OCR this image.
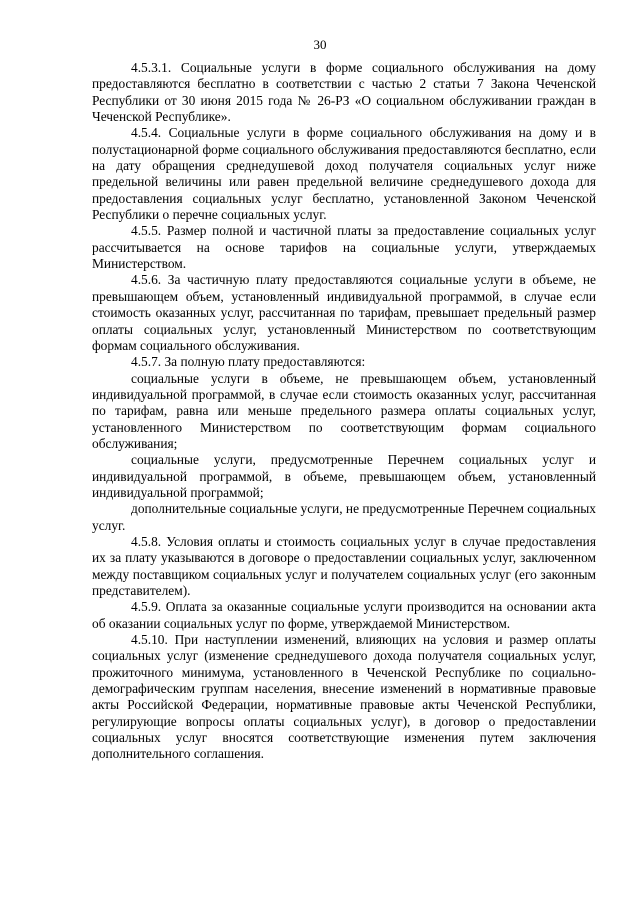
30

4.5.3.1. Социальные услуги в форме социального обслуживания на дому предоставляются бесплатно в соответствии с частью 2 статьи 7 Закона Чеченской Республики от 30 июня 2015 года № 26-РЗ «О социальном обслуживании граждан в Чеченской Республике».

4.5.4. Социальные услуги в форме социального обслуживания на дому и в полустационарной форме социального обслуживания предоставляются бесплатно, если на дату обращения среднедушевой доход получателя социальных услуг ниже предельной величины или равен предельной величине среднедушевого дохода для предоставления социальных услуг бесплатно, установленной Законом Чеченской Республики о перечне социальных услуг.

4.5.5. Размер полной и частичной платы за предоставление социальных услуг рассчитывается на основе тарифов на социальные услуги, утверждаемых Министерством.

4.5.6. За частичную плату предоставляются социальные услуги в объеме, не превышающем объем, установленный индивидуальной программой, в случае если стоимость оказанных услуг, рассчитанная по тарифам, превышает предельный размер оплаты социальных услуг, установленный Министерством по соответствующим формам социального обслуживания.

4.5.7. За полную плату предоставляются:

социальные услуги в объеме, не превышающем объем, установленный индивидуальной программой, в случае если стоимость оказанных услуг, рассчитанная по тарифам, равна или меньше предельного размера оплаты социальных услуг, установленного Министерством по соответствующим формам социального обслуживания;

социальные услуги, предусмотренные Перечнем социальных услуг и индивидуальной программой, в объеме, превышающем объем, установленный индивидуальной программой;

дополнительные социальные услуги, не предусмотренные Перечнем социальных услуг.

4.5.8. Условия оплаты и стоимость социальных услуг в случае предоставления их за плату указываются в договоре о предоставлении социальных услуг, заключенном между поставщиком социальных услуг и получателем социальных услуг (его законным представителем).

4.5.9. Оплата за оказанные социальные услуги производится на основании акта об оказании социальных услуг по форме, утверждаемой Министерством.

4.5.10. При наступлении изменений, влияющих на условия и размер оплаты социальных услуг (изменение среднедушевого дохода получателя социальных услуг, прожиточного минимума, установленного в Чеченской Республике по социально-демографическим группам населения, внесение изменений в нормативные правовые акты Российской Федерации, нормативные правовые акты Чеченской Республики, регулирующие вопросы оплаты социальных услуг), в договор о предоставлении социальных услуг вносятся соответствующие изменения путем заключения дополнительного соглашения.
